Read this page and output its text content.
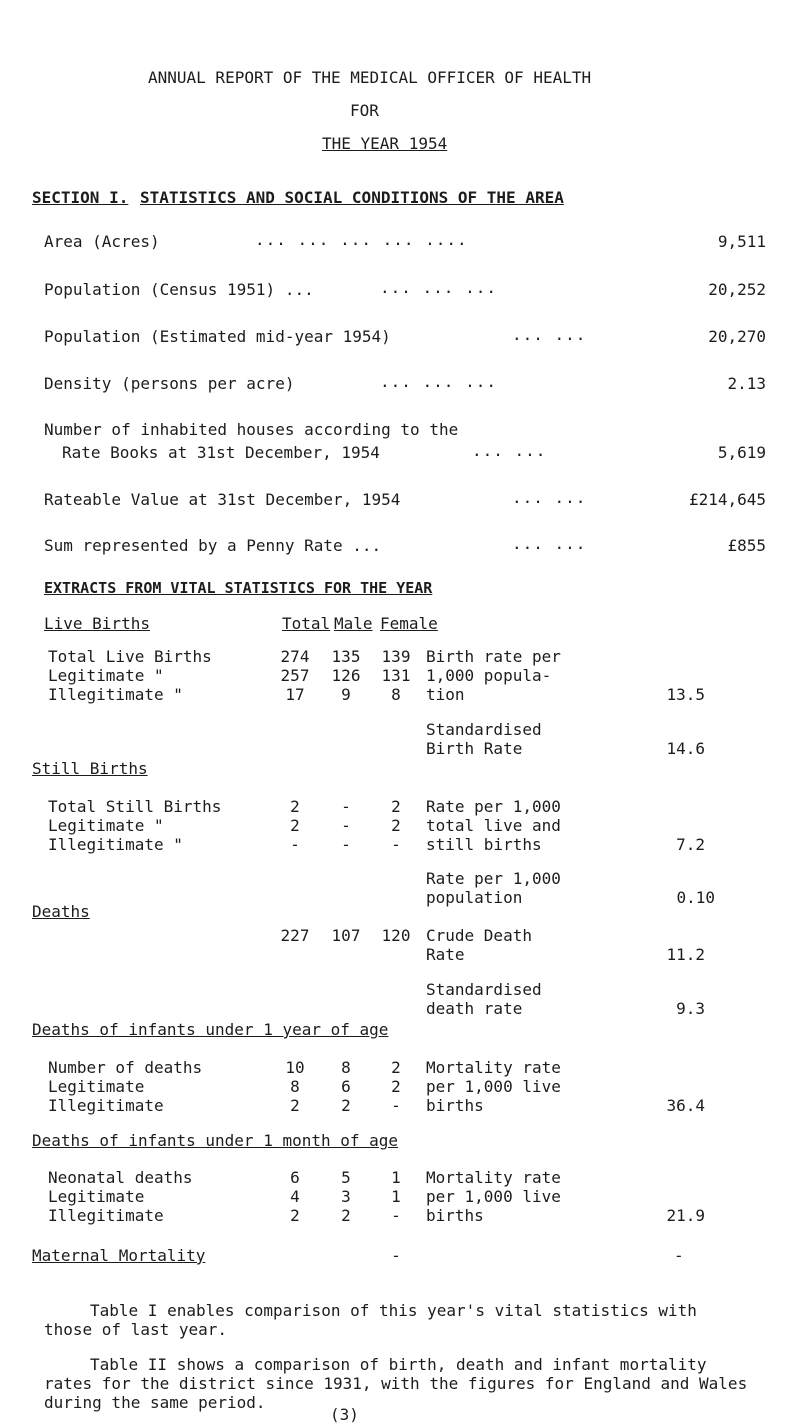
ANNUAL REPORT OF THE MEDICAL OFFICER OF HEALTH
FOR
THE YEAR 1954
SECTION I. STATISTICS AND SOCIAL CONDITIONS OF THE AREA
Area (Acres)	... ... ... ... ....	9,511
Population (Census 1951) ...	... ... ...	20,252
Population (Estimated mid-year 1954)	... ...	20,270
Density (persons per acre)	... ... ...	2.13
Number of inhabited houses according to the
Rate Books at 31st December, 1954	... ...	5,619
Rateable Value at 31st December, 1954	... ...	£214,645
Sum represented by a Penny Rate ...	... ...	£855
EXTRACTS FROM VITAL STATISTICS FOR THE YEAR
Total Male Female
Live Births
Total Live Births	274	135	139
Legitimate "	257	126	131
Illegitimate "	17	9	8
Birth rate per
1,000 popula-
tion	13.5
Standardised
Birth Rate	14.6
Still Births
Total Still Births	2	-	2
Legitimate "	2	-	2
Illegitimate "	-	-	-
Rate per 1,000
total live and
still births	7.2
Rate per 1,000
population	0.10
Deaths
227	107	120 Crude Death
Rate	11.2
Standardised
death rate	9.3
Deaths of infants under 1 year of age
Number of deaths	10	8	2
Legitimate	8	6	2
Illegitimate	2	2	-
Mortality rate
per 1,000 live
births	36.4
Deaths of infants under 1 month of age
Neonatal deaths	6	5	1
Legitimate	4	3	1
Illegitimate	2	2	-
Mortality rate
per 1,000 live
births	21.9
Maternal Mortality	-	-
Table I enables comparison of this year's vital statistics with
those of last year.
Table II shows a comparison of birth, death and infant mortality
rates for the district since 1931, with the figures for England and Wales
during the same period.
(3)
